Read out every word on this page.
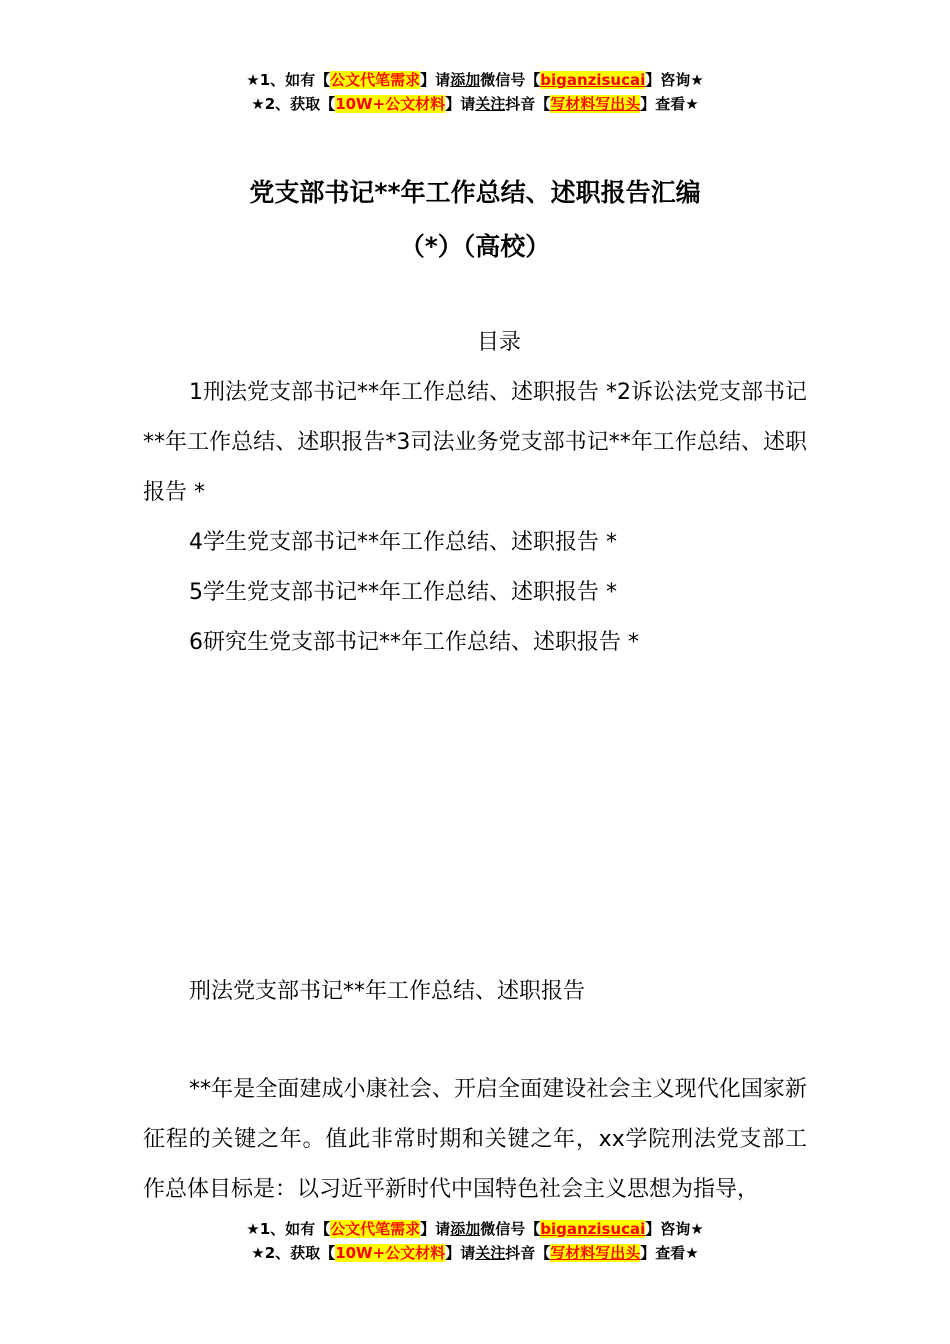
★1、如有【公文代笔需求】请添加微信号【biganzisucai】咨询★
★2、获取【10W+公文材料】请关注抖音【写材料写出头】查看★
党支部书记**年工作总结、述职报告汇编
（*）（高校）
目录
1刑法党支部书记**年工作总结、述职报告 *2诉讼法党支部书记**年工作总结、述职报告*3司法业务党支部书记**年工作总结、述职报告 *
4学生党支部书记**年工作总结、述职报告 *
5学生党支部书记**年工作总结、述职报告 *
6研究生党支部书记**年工作总结、述职报告 *
刑法党支部书记**年工作总结、述职报告
**年是全面建成小康社会、开启全面建设社会主义现代化国家新征程的关键之年。值此非常时期和关键之年，xx学院刑法党支部工作总体目标是：以习近平新时代中国特色社会主义思想为指导，
★1、如有【公文代笔需求】请添加微信号【biganzisucai】咨询★
★2、获取【10W+公文材料】请关注抖音【写材料写出头】查看★
